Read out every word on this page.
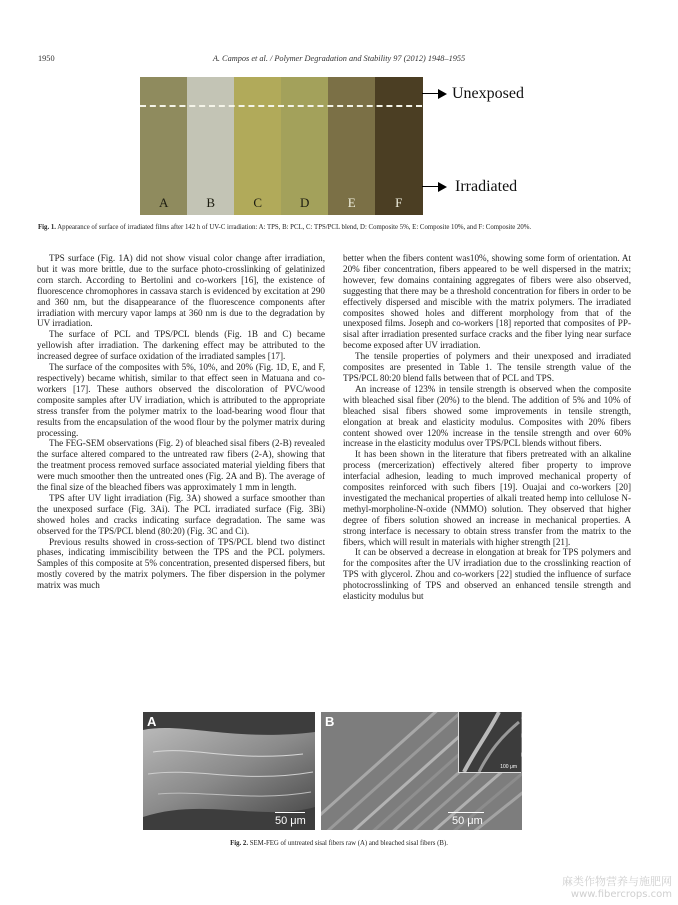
1950	A. Campos et al. / Polymer Degradation and Stability 97 (2012) 1948–1955
A	B	C	D	E	F
Unexposed
Irradiated
Fig. 1. Appearance of surface of irradiated films after 142 h of UV-C irradiation: A: TPS, B: PCL, C: TPS/PCL blend, D: Composite 5%, E: Composite 10%, and F: Composite 20%.

TPS surface (Fig. 1A) did not show visual color change after irradiation, but it was more brittle, due to the surface photo-crosslinking of gelatinized corn starch. According to Bertolini and co-workers [16], the existence of fluorescence chromophores in cassava starch is evidenced by excitation at 290 and 360 nm, but the disappearance of the fluorescence components after irradiation with mercury vapor lamps at 360 nm is due to the degradation by UV irradiation.

The surface of PCL and TPS/PCL blends (Fig. 1B and C) became yellowish after irradiation. The darkening effect may be attributed to the increased degree of surface oxidation of the irradiated samples [17].

The surface of the composites with 5%, 10%, and 20% (Fig. 1D, E, and F, respectively) became whitish, similar to that effect seen in Matuana and co-workers [17]. These authors observed the discoloration of PVC/wood composite samples after UV irradiation, which is attributed to the appropriate stress transfer from the polymer matrix to the load-bearing wood flour that results from the encapsulation of the wood flour by the polymer matrix during processing.

The FEG-SEM observations (Fig. 2) of bleached sisal fibers (2-B) revealed the surface altered compared to the untreated raw fibers (2-A), showing that the treatment process removed surface associated material yielding fibers that were much smoother then the untreated ones (Fig. 2A and B). The average of the final size of the bleached fibers was approximately 1 mm in length.

TPS after UV light irradiation (Fig. 3A) showed a surface smoother than the unexposed surface (Fig. 3Ai). The PCL irradiated surface (Fig. 3Bi) showed holes and cracks indicating surface degradation. The same was observed for the TPS/PCL blend (80:20) (Fig. 3C and Ci).

Previous results showed in cross-section of TPS/PCL blend two distinct phases, indicating immiscibility between the TPS and the PCL polymers. Samples of this composite at 5% concentration, presented dispersed fibers, but mostly covered by the matrix polymers. The fiber dispersion in the polymer matrix was much

better when the fibers content was10%, showing some form of orientation. At 20% fiber concentration, fibers appeared to be well dispersed in the matrix; however, few domains containing aggregates of fibers were also observed, suggesting that there may be a threshold concentration for fibers in order to be effectively dispersed and miscible with the matrix polymers. The irradiated composites showed holes and different morphology from that of the unexposed films. Joseph and co-workers [18] reported that composites of PP-sisal after irradiation presented surface cracks and the fiber lying near surface become exposed after UV irradiation.

The tensile properties of polymers and their unexposed and irradiated composites are presented in Table 1. The tensile strength value of the TPS/PCL 80:20 blend falls between that of PCL and TPS.

An increase of 123% in tensile strength is observed when the composite with bleached sisal fiber (20%) to the blend. The addition of 5% and 10% of bleached sisal fibers showed some improvements in tensile strength, elongation at break and elasticity modulus. Composites with 20% fibers content showed over 120% increase in the tensile strength and over 60% increase in the elasticity modulus over TPS/PCL blends without fibers.

It has been shown in the literature that fibers pretreated with an alkaline process (mercerization) effectively altered fiber property to improve interfacial adhesion, leading to much improved mechanical property of composites reinforced with such fibers [19]. Ouajai and co-workers [20] investigated the mechanical properties of alkali treated hemp into cellulose N-methyl-morpholine-N-oxide (NMMO) solution. They observed that higher degree of fibers solution showed an increase in mechanical properties. A strong interface is necessary to obtain stress transfer from the matrix to the fibers, which will result in materials with higher strength [21].

It can be observed a decrease in elongation at break for TPS polymers and for the composites after the UV irradiation due to the crosslinking reaction of TPS with glycerol. Zhou and co-workers [22] studied the influence of surface photocrosslinking of TPS and observed an enhanced tensile strength and elasticity modulus but

A
50 μm
B
100 μm
50 μm
Fig. 2. SEM-FEG of untreated sisal fibers raw (A) and bleached sisal fibers (B).
麻类作物营养与施肥网
www.fibercrops.com
